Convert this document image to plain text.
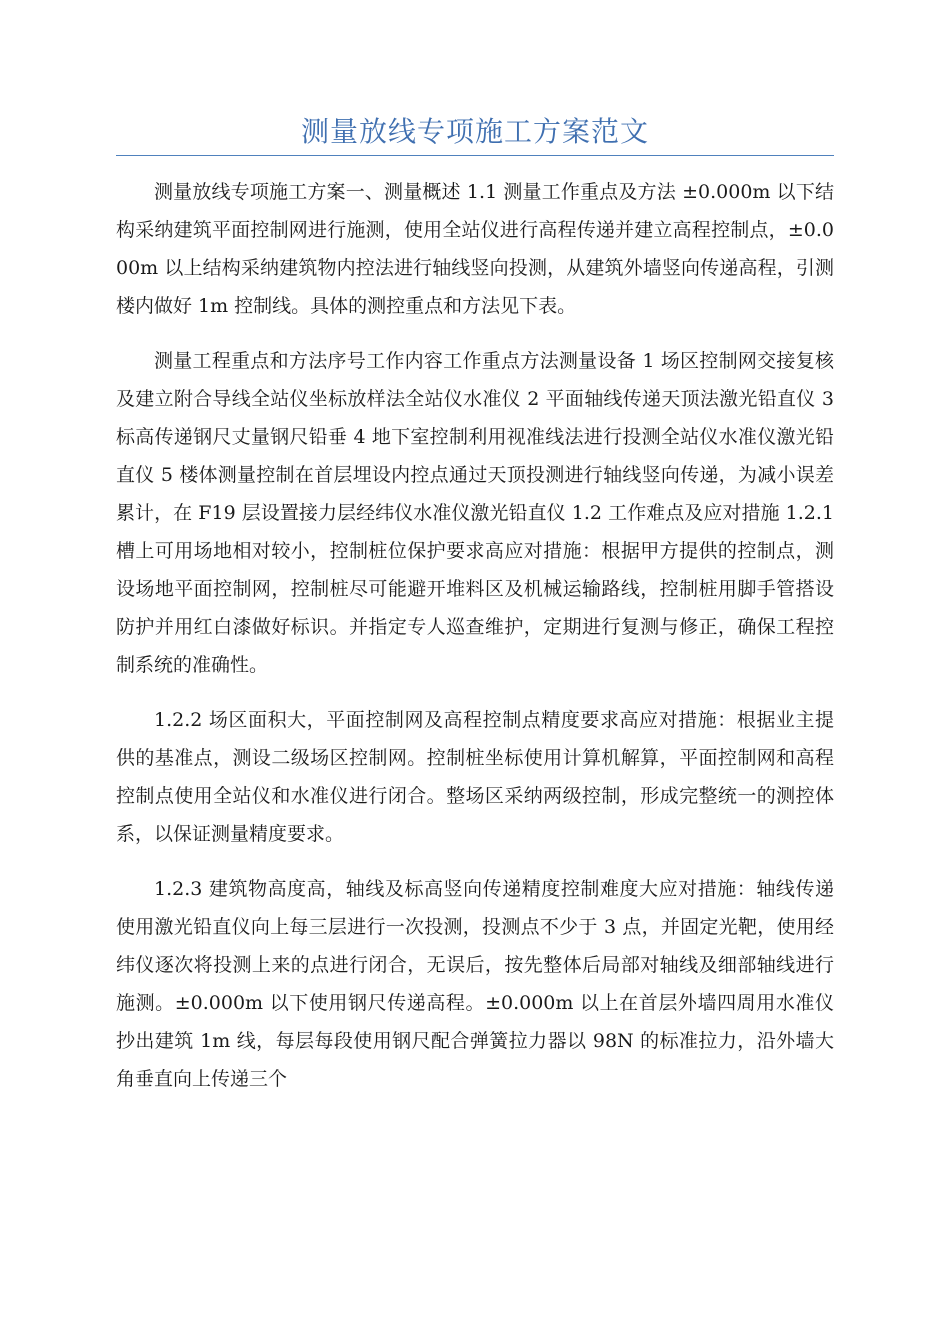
测量放线专项施工方案范文

测量放线专项施工方案一、测量概述 1.1 测量工作重点及方法 ±0.000m 以下结构采纳建筑平面控制网进行施测，使用全站仪进行高程传递并建立高程控制点，±0.000m 以上结构采纳建筑物内控法进行轴线竖向投测，从建筑外墙竖向传递高程，引测楼内做好 1m 控制线。具体的测控重点和方法见下表。

测量工程重点和方法序号工作内容工作重点方法测量设备 1 场区控制网交接复核及建立附合导线全站仪坐标放样法全站仪水准仪 2 平面轴线传递天顶法激光铅直仪 3 标高传递钢尺丈量钢尺铅垂 4 地下室控制利用视准线法进行投测全站仪水准仪激光铅直仪 5 楼体测量控制在首层埋设内控点通过天顶投测进行轴线竖向传递，为减小误差累计，在 F19 层设置接力层经纬仪水准仪激光铅直仪 1.2 工作难点及应对措施 1.2.1 槽上可用场地相对较小，控制桩位保护要求高应对措施：根据甲方提供的控制点，测设场地平面控制网，控制桩尽可能避开堆料区及机械运输路线，控制桩用脚手管搭设防护并用红白漆做好标识。并指定专人巡查维护，定期进行复测与修正，确保工程控制系统的准确性。

1.2.2 场区面积大，平面控制网及高程控制点精度要求高应对措施：根据业主提供的基准点，测设二级场区控制网。控制桩坐标使用计算机解算，平面控制网和高程控制点使用全站仪和水准仪进行闭合。整场区采纳两级控制，形成完整统一的测控体系，以保证测量精度要求。

1.2.3 建筑物高度高，轴线及标高竖向传递精度控制难度大应对措施：轴线传递使用激光铅直仪向上每三层进行一次投测，投测点不少于 3 点，并固定光靶，使用经纬仪逐次将投测上来的点进行闭合，无误后，按先整体后局部对轴线及细部轴线进行施测。±0.000m 以下使用钢尺传递高程。±0.000m 以上在首层外墙四周用水准仪抄出建筑 1m 线，每层每段使用钢尺配合弹簧拉力器以 98N 的标准拉力，沿外墙大角垂直向上传递三个
